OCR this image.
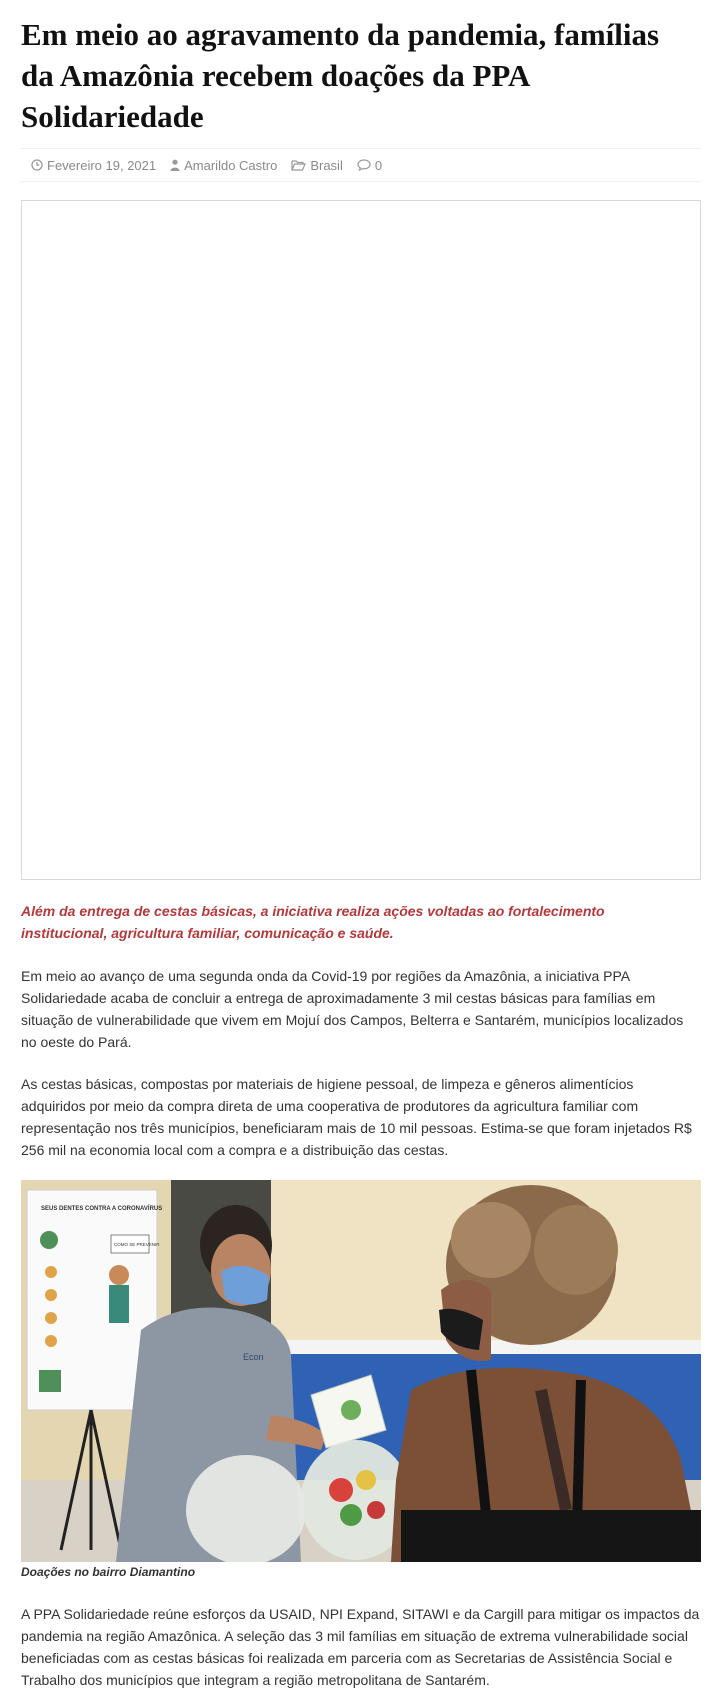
Em meio ao agravamento da pandemia, famílias da Amazônia recebem doações da PPA Solidariedade
Fevereiro 19, 2021 Amarildo Castro	Brasil 0

Além da entrega de cestas básicas, a iniciativa realiza ações voltadas ao fortalecimento institucional, agricultura familiar, comunicação e saúde.

Em meio ao avanço de uma segunda onda da Covid-19 por regiões da Amazônia, a iniciativa PPA Solidariedade acaba de concluir a entrega de aproximadamente 3 mil cestas básicas para famílias em situação de vulnerabilidade que vivem em Mojuí dos Campos, Belterra e Santarém, municípios localizados no oeste do Pará.

As cestas básicas, compostas por materiais de higiene pessoal, de limpeza e gêneros alimentícios adquiridos por meio da compra direta de uma cooperativa de produtores da agricultura familiar com representação nos três municípios, beneficiaram mais de 10 mil pessoas. Estima-se que foram injetados R$ 256 mil na economia local com a compra e a distribuição das cestas.

SEUS DENTES CONTRA A CORONAVÍRUS
COMO SE PREVENIR
Econ

Doações no bairro Diamantino

A PPA Solidariedade reúne esforços da USAID, NPI Expand, SITAWI e da Cargill para mitigar os impactos da pandemia na região Amazônica. A seleção das 3 mil famílias em situação de extrema vulnerabilidade social beneficiadas com as cestas básicas foi realizada em parceria com as Secretarias de Assistência Social e Trabalho dos municípios que integram a região metropolitana de Santarém.
